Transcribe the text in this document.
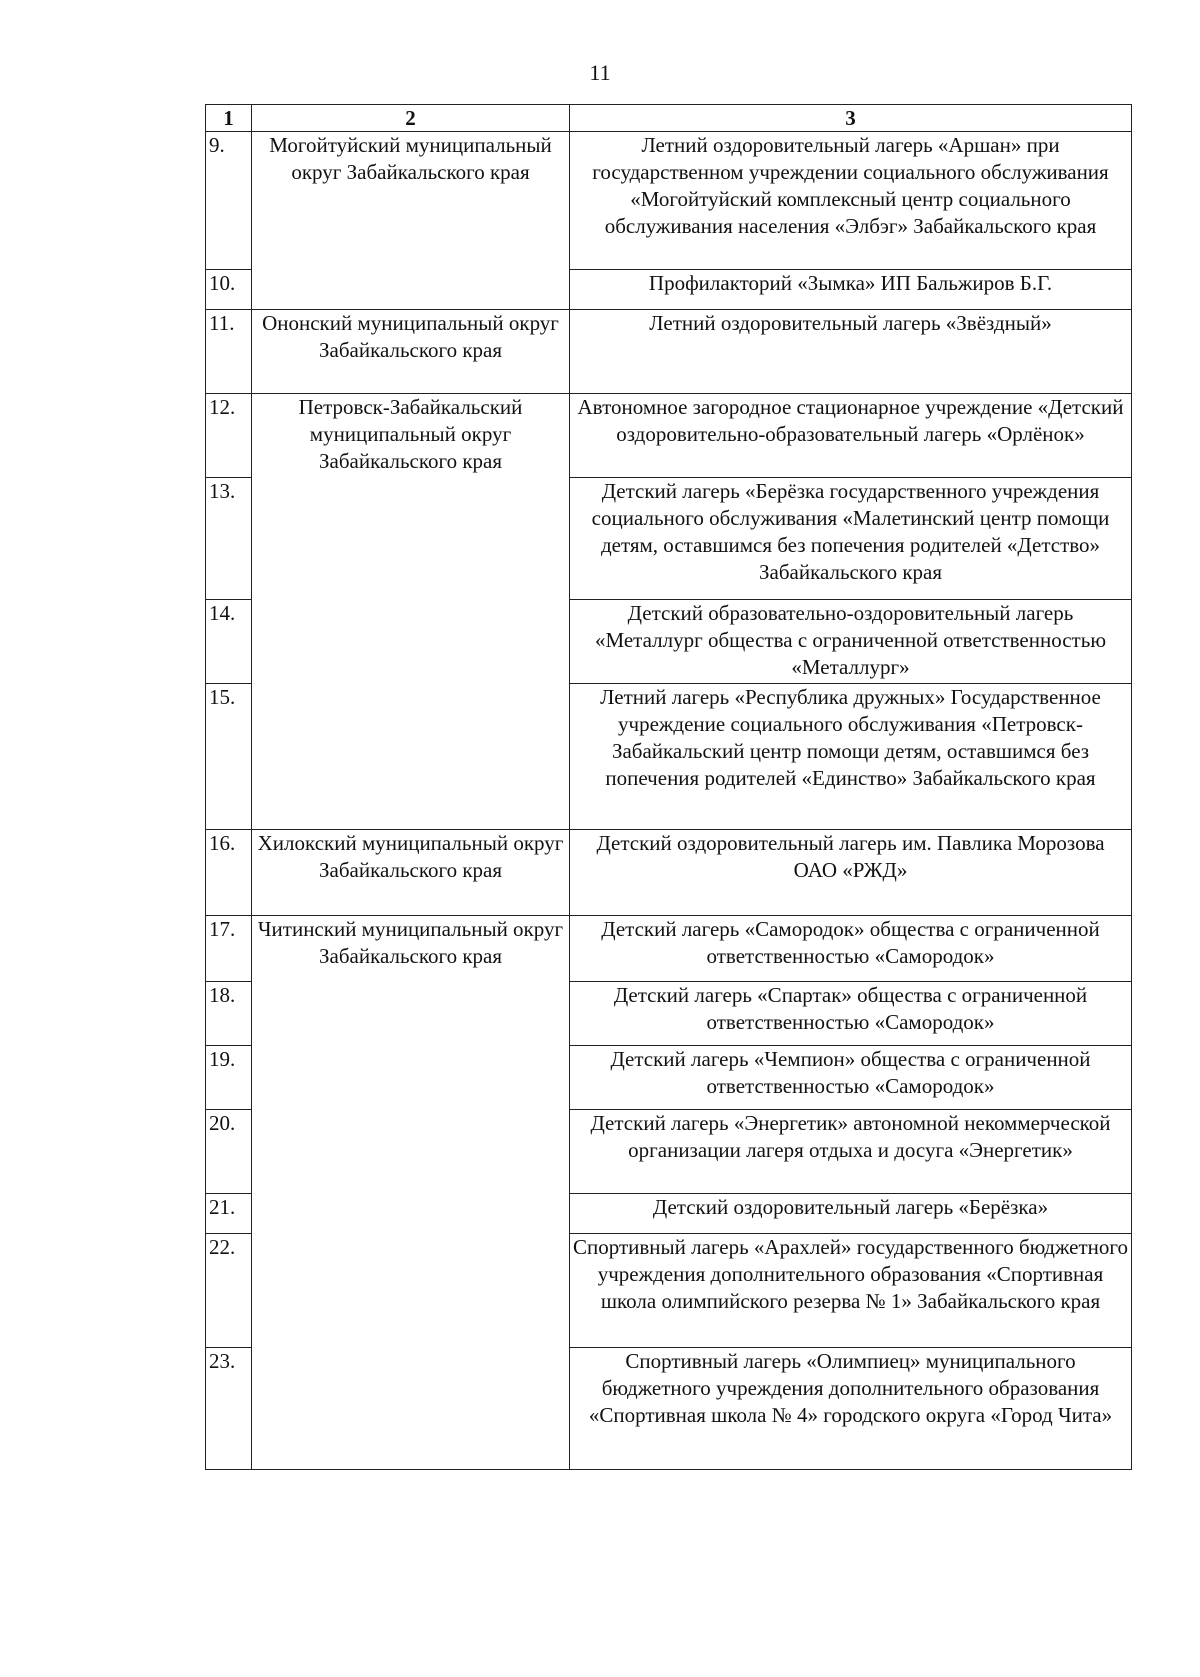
11
1	2	3
9.	Могойтуйский муниципальный округ Забайкальского края	Летний оздоровительный лагерь «Аршан» при государственном учреждении социального обслуживания «Могойтуйский комплексный центр социального обслуживания населения «Элбэг» Забайкальского края
10.		Профилакторий «Зымка» ИП Бальжиров Б.Г.
11.	Ононский муниципальный округ Забайкальского края	Летний оздоровительный лагерь «Звёздный»
12.	Петровск-Забайкальский муниципальный округ Забайкальского края	Автономное загородное стационарное учреждение «Детский оздоровительно-образовательный лагерь «Орлёнок»
13.		Детский лагерь «Берёзка государственного учреждения социального обслуживания «Малетинский центр помощи детям, оставшимся без попечения родителей «Детство» Забайкальского края
14.		Детский образовательно-оздоровительный лагерь «Металлург общества с ограниченной ответственностью «Металлург»
15.		Летний лагерь «Республика дружных» Государственное учреждение социального обслуживания «Петровск-Забайкальский центр помощи детям, оставшимся без попечения родителей «Единство» Забайкальского края
16.	Хилокский муниципальный округ Забайкальского края	Детский оздоровительный лагерь им. Павлика Морозова ОАО «РЖД»
17.	Читинский муниципальный округ Забайкальского края	Детский лагерь «Самородок» общества с ограниченной ответственностью «Самородок»
18.		Детский лагерь «Спартак» общества с ограниченной ответственностью «Самородок»
19.		Детский лагерь «Чемпион» общества с ограниченной ответственностью «Самородок»
20.		Детский лагерь «Энергетик» автономной некоммерческой организации лагеря отдыха и досуга «Энергетик»
21.		Детский оздоровительный лагерь «Берёзка»
22.		Спортивный лагерь «Арахлей» государственного бюджетного учреждения дополнительного образования «Спортивная школа олимпийского резерва № 1» Забайкальского края
23.		Спортивный лагерь «Олимпиец» муниципального бюджетного учреждения дополнительного образования «Спортивная школа № 4» городского округа «Город Чита»
